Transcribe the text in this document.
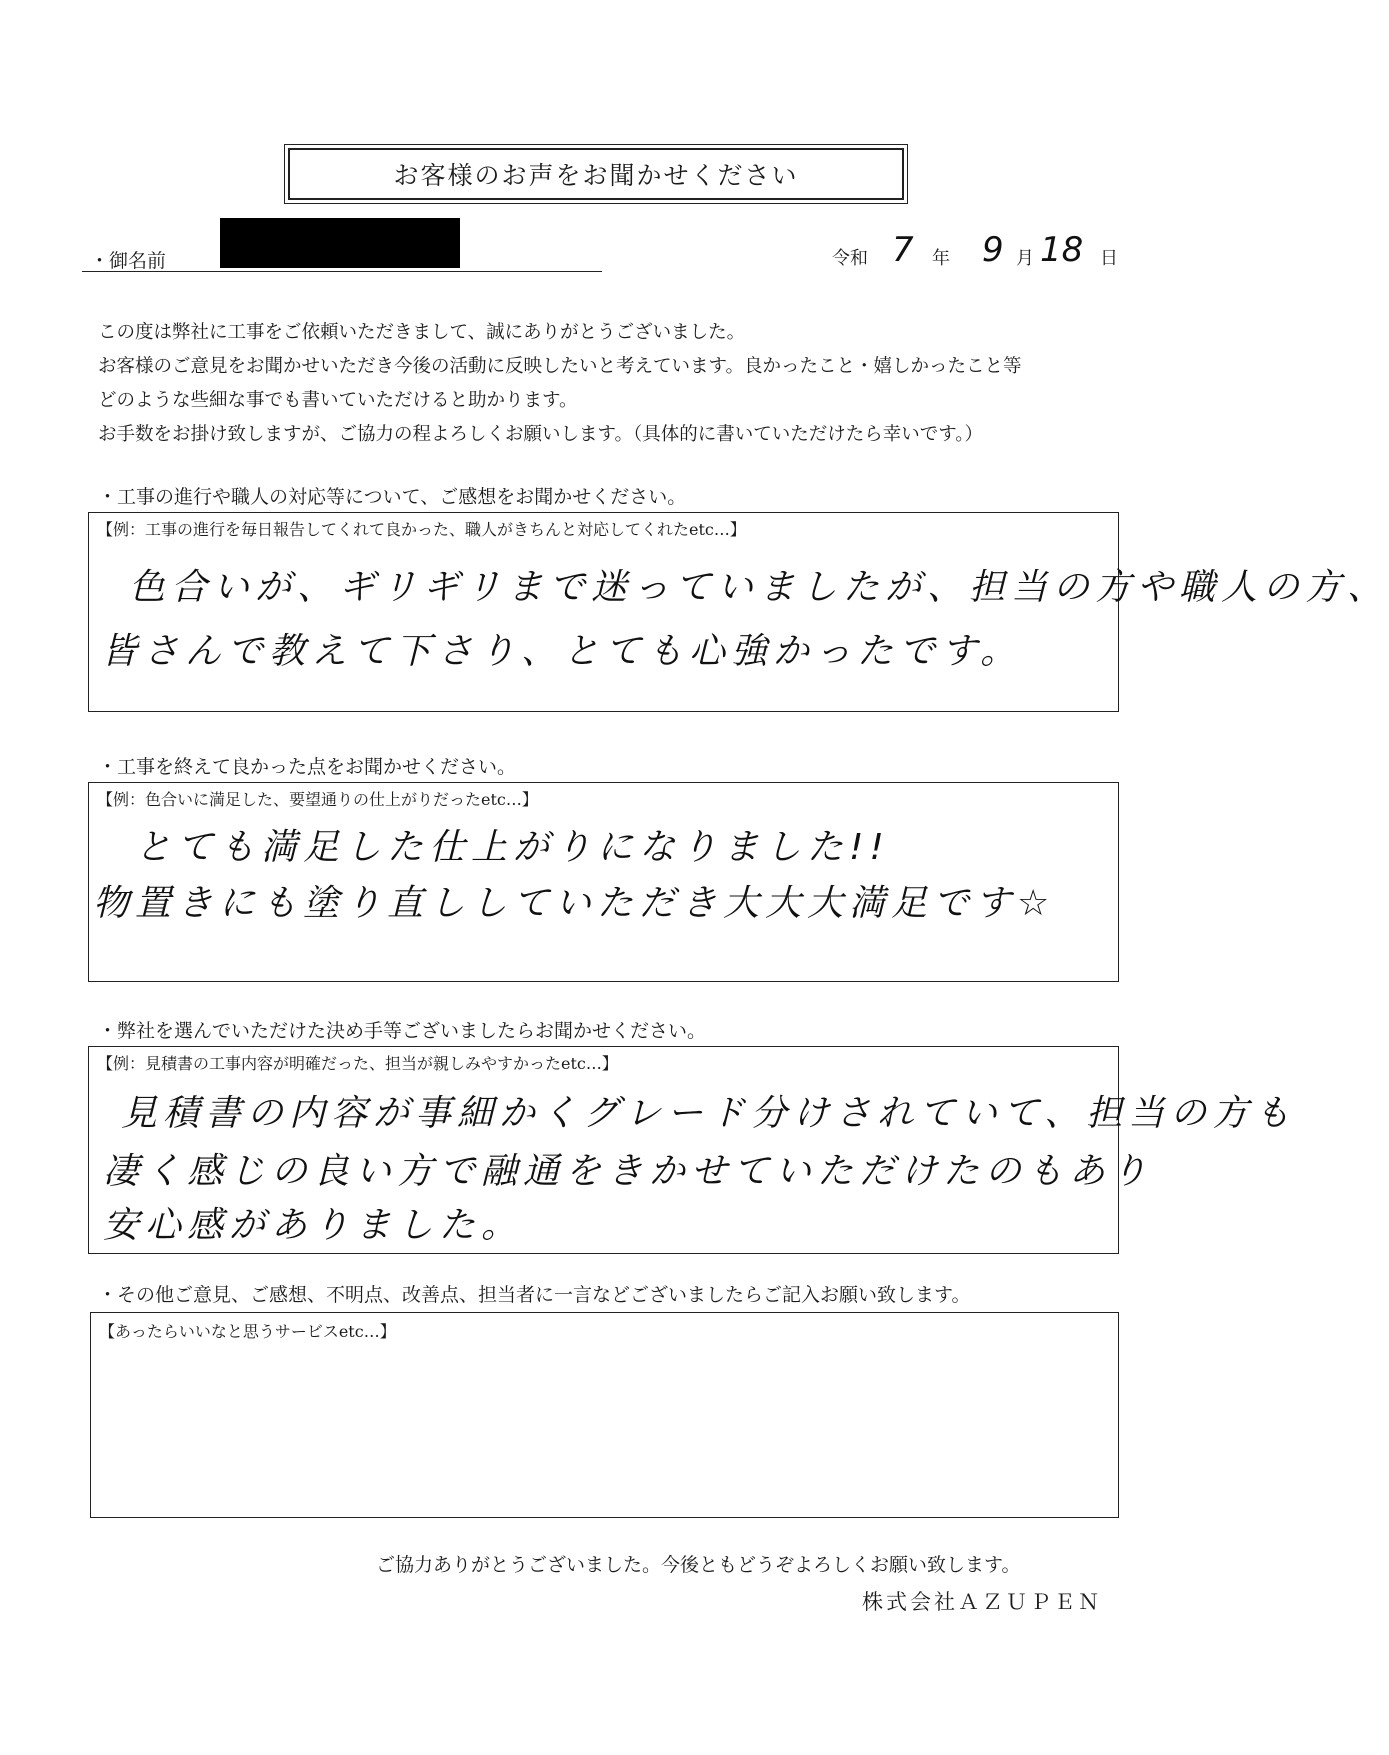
お客様のお声をお聞かせください
・御名前	令和 7 年 9 月 18 日
この度は弊社に工事をご依頼いただきまして、誠にありがとうございました。
お客様のご意見をお聞かせいただき今後の活動に反映したいと考えています。良かったこと・嬉しかったこと等
どのような些細な事でも書いていただけると助かります。
お手数をお掛け致しますが、ご協力の程よろしくお願いします。（具体的に書いていただけたら幸いです。）
・工事の進行や職人の対応等について、ご感想をお聞かせください。
【例：工事の進行を毎日報告してくれて良かった、職人がきちんと対応してくれたetc…】
色合いが、ギリギリまで迷っていましたが、担当の方や職人の方、
皆さんで教えて下さり、とても心強かったです。
・工事を終えて良かった点をお聞かせください。
【例：色合いに満足した、要望通りの仕上がりだったetc…】
とても満足した仕上がりになりました!!
物置きにも塗り直ししていただき大大大満足です☆
・弊社を選んでいただけた決め手等ございましたらお聞かせください。
【例：見積書の工事内容が明確だった、担当が親しみやすかったetc…】
見積書の内容が事細かくグレード分けされていて、担当の方も
凄く感じの良い方で融通をきかせていただけたのもあり
安心感がありました。
・その他ご意見、ご感想、不明点、改善点、担当者に一言などございましたらご記入お願い致します。
【あったらいいなと思うサービスetc…】
ご協力ありがとうございました。今後ともどうぞよろしくお願い致します。
株式会社ＡＺＵＰＥＮ
